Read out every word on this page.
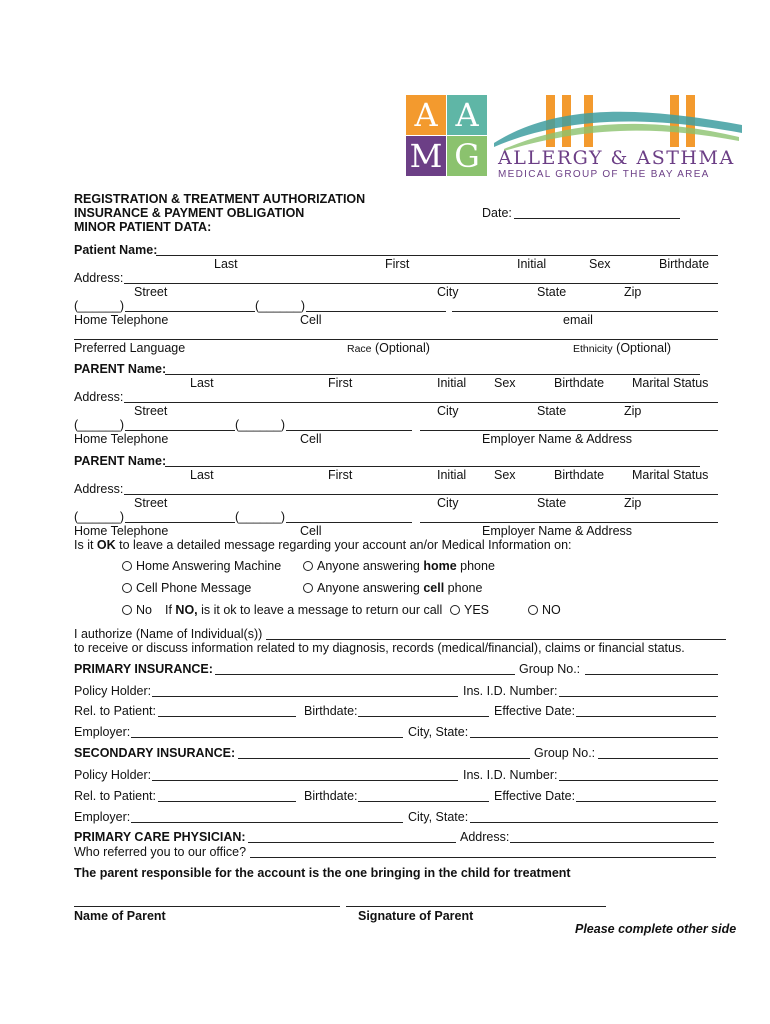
A A
M G ALLERGY & ASTHMA
MEDICAL GROUP OF THE BAY AREA
REGISTRATION & TREATMENT AUTHORIZATION
INSURANCE & PAYMENT OBLIGATION
MINOR PATIENT DATA:
Date:
Patient Name:
Last	First	Initial	Sex	Birthdate
Address:
Street	City	State	Zip
(______)	(______)
Home Telephone	Cell	email
Preferred Language	Race (Optional)	Ethnicity (Optional)
PARENT Name:
Last	First	Initial Sex	Birthdate Marital Status
Address:
Street	City	State	Zip
(______)	(______)
Home Telephone	Cell	Employer Name & Address
PARENT Name:
Last	First	Initial Sex	Birthdate Marital Status
Address:
Street	City	State	Zip
(______)	(______)
Home Telephone	Cell	Employer Name & Address
Is it OK to leave a detailed message regarding your account an/or Medical Information on:
Home Answering Machine	Anyone answering home phone
Cell Phone Message	Anyone answering cell phone
No If NO, is it ok to leave a message to return our call	YES	NO
I authorize (Name of Individual(s))
to receive or discuss information related to my diagnosis, records (medical/financial), claims or financial status.
PRIMARY INSURANCE:	Group No.:
Policy Holder:	Ins. I.D. Number:
Rel. to Patient:	Birthdate:	Effective Date:
Employer:	City, State:
SECONDARY INSURANCE:	Group No.:
Policy Holder:	Ins. I.D. Number:
Rel. to Patient:	Birthdate:	Effective Date:
Employer:	City, State:
PRIMARY CARE PHYSICIAN:	Address:
Who referred you to our office?
The parent responsible for the account is the one bringing in the child for treatment
Name of Parent	Signature of Parent
Please complete other side
